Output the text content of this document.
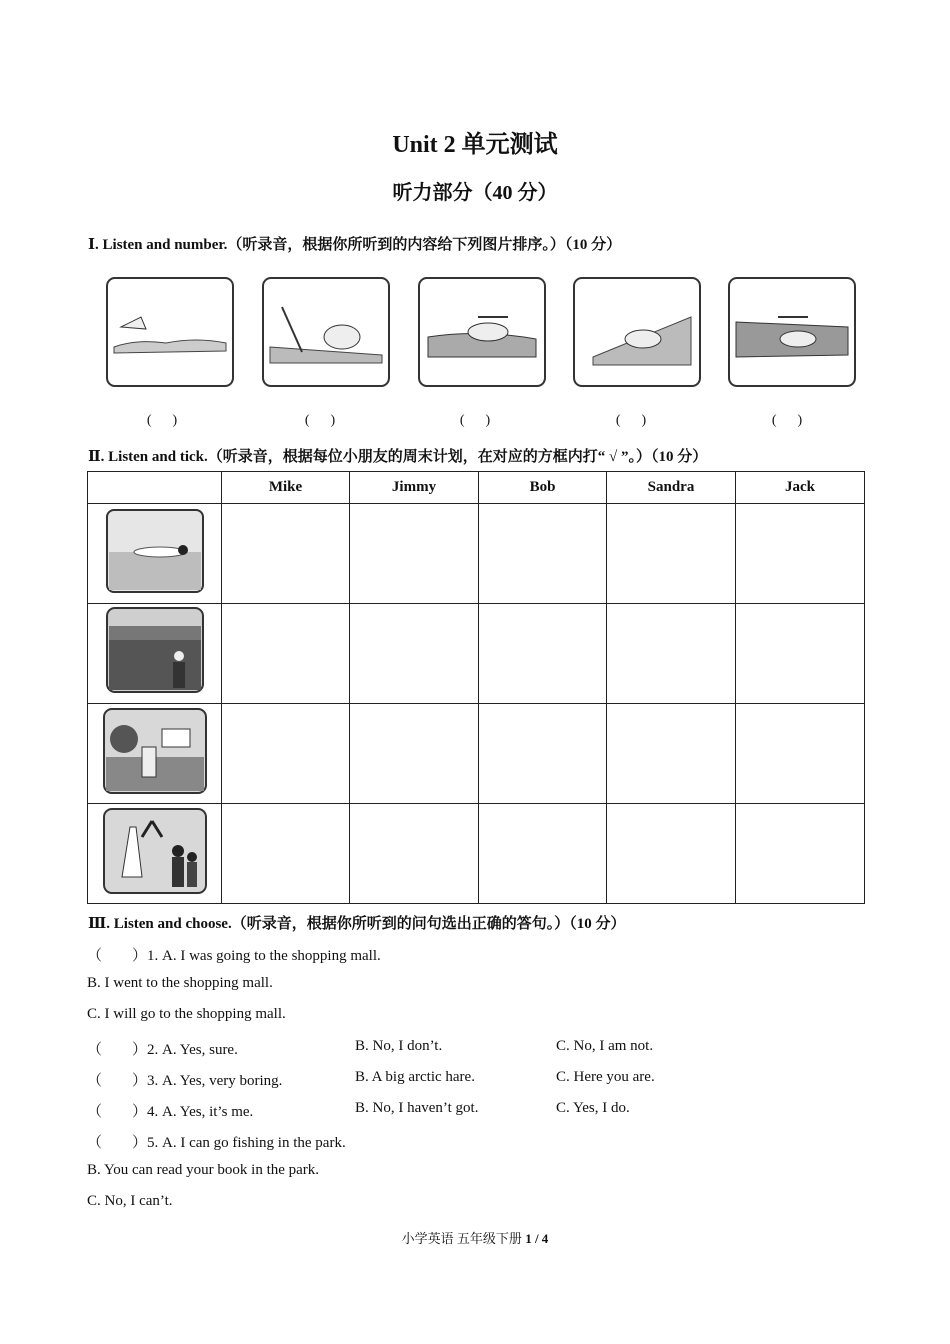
Unit 2 单元测试
听力部分（40 分）
Ⅰ. Listen and number.（听录音，根据你所听到的内容给下列图片排序。）（10 分）
(      )	(      )	(      )	(      )	(      )
Ⅱ. Listen and tick.（听录音，根据每位小朋友的周末计划，在对应的方框内打“ √ ”。）（10 分）
	Mike	Jimmy	Bob	Sandra	Jack

Ⅲ. Listen and choose.（听录音，根据你所听到的问句选出正确的答句。）（10 分）
（        ）1. A. I was going to the shopping mall.
B. I went to the shopping mall.
C. I will go to the shopping mall.
（        ）2. A. Yes, sure.	B. No, I don’t.	C. No, I am not.
（        ）3. A. Yes, very boring.	B. A big arctic hare.	C. Here you are.
（        ）4. A. Yes, it’s me.	B. No, I haven’t got.	C. Yes, I do.
（        ）5. A. I can go fishing in the park.
B. You can read your book in the park.
C. No, I can’t.
小学英语 五年级下册 1 / 4
